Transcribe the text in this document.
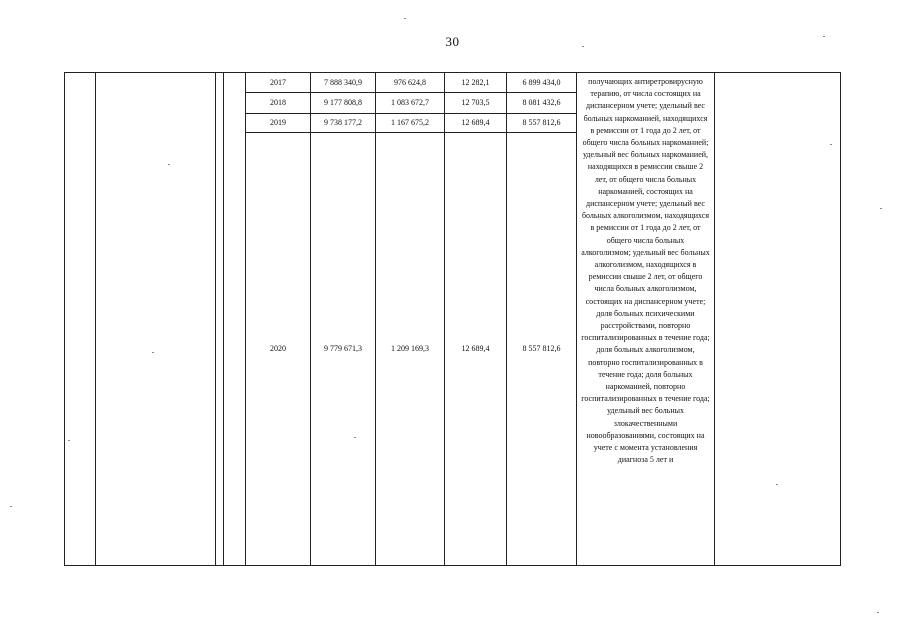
30
				2017	7 888 340,9	976 624,8	12 282,1	6 899 434,0	получающих антиретровирусную терапию, от числа состоящих на диспансерном учете; удельный вес больных наркоманией, находящихся в ремиссии от 1 года до 2 лет, от общего числа больных наркоманией; удельный вес больных наркоманией, находящихся в ремиссии свыше 2 лет, от общего числа больных наркоманией, состоящих на диспансерном учете; удельный вес больных алкоголизмом, находящихся в ремиссии от 1 года до 2 лет, от общего числа больных алкоголизмом; удельный вес больных алкоголизмом, находящихся в ремиссии свыше 2 лет, от общего числа больных алкоголизмом, состоящих на диспансерном учете; доля больных психическими расстройствами, повторно госпитализированных в течение года; доля больных алкоголизмом, повторно госпитализированных в течение года; доля больных наркоманией, повторно госпитализированных в течение года; удельный вес больных злокачественными новообразованиями, состоящих на учете с момента установления диагноза 5 лет и	
				2018	9 177 808,8	1 083 672,7	12 703,5	8 081 432,6		
				2019	9 738 177,2	1 167 675,2	12 689,4	8 557 812,6		
				2020	9 779 671,3	1 209 169,3	12 689,4	8 557 812,6		
